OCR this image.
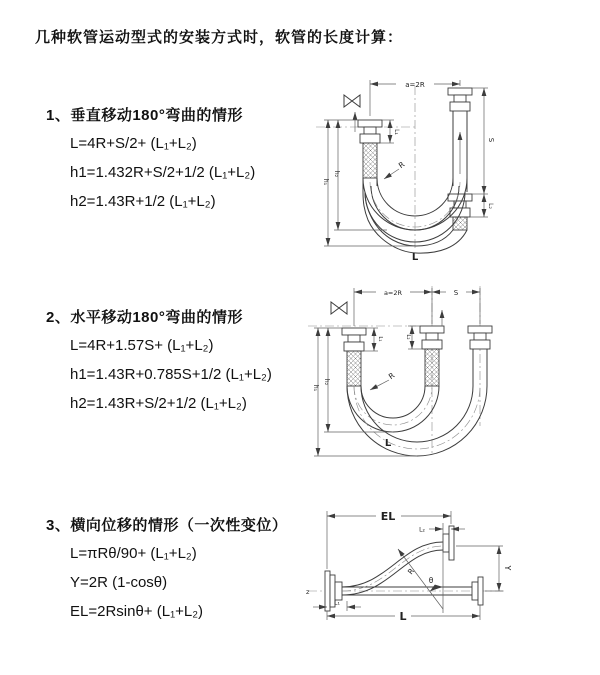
几种软管运动型式的安装方式时，软管的长度计算：
1、垂直移动180°弯曲的情形
L=4R+S/2+ (L₁+L₂)
h1=1.432R+S/2+1/2 (L₁+L₂)
h2=1.43R+1/2 (L₁+L₂)
a=2R
L₁
S
L₂
h₁
h₂
R
L
2、水平移动180°弯曲的情形
L=4R+1.57S+ (L₁+L₂)
h1=1.43R+0.785S+1/2 (L₁+L₂)
h2=1.43R+S/2+1/2 (L₁+L₂)
a=2R	S
L₁	L₂
h₁
h₂
R
L
3、横向位移的情形（一次性变位）
L=πRθ/90+ (L₁+L₂)
Y=2R (1-cosθ)
EL=2Rsinθ+ (L₁+L₂)
z
EL
L₂
Y
R
θ
L₁
L
